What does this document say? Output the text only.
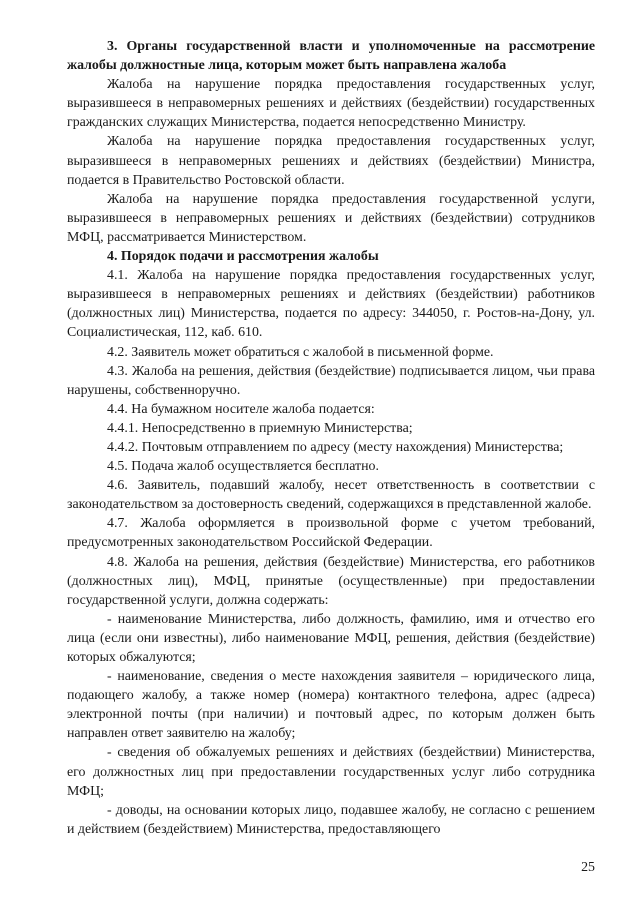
3. Органы государственной власти и уполномоченные на рассмотрение жалобы должностные лица, которым может быть направлена жалоба

Жалоба на нарушение порядка предоставления государственных услуг, выразившееся в неправомерных решениях и действиях (бездействии) государственных гражданских служащих Министерства, подается непосредственно Министру.

Жалоба на нарушение порядка предоставления государственных услуг, выразившееся в неправомерных решениях и действиях (бездействии) Министра, подается в Правительство Ростовской области.

Жалоба на нарушение порядка предоставления государственной услуги, выразившееся в неправомерных решениях и действиях (бездействии) сотрудников МФЦ, рассматривается Министерством.

4. Порядок подачи и рассмотрения жалобы

4.1. Жалоба на нарушение порядка предоставления государственных услуг, выразившееся в неправомерных решениях и действиях (бездействии) работников (должностных лиц) Министерства, подается по адресу: 344050, г. Ростов-на-Дону, ул. Социалистическая, 112, каб. 610.

4.2. Заявитель может обратиться с жалобой в письменной форме.

4.3. Жалоба на решения, действия (бездействие) подписывается лицом, чьи права нарушены, собственноручно.

4.4. На бумажном носителе жалоба подается:

4.4.1. Непосредственно в приемную Министерства;

4.4.2. Почтовым отправлением по адресу (месту нахождения) Министерства;

4.5. Подача жалоб осуществляется бесплатно.

4.6. Заявитель, подавший жалобу, несет ответственность в соответствии с законодательством за достоверность сведений, содержащихся в представленной жалобе.

4.7. Жалоба оформляется в произвольной форме с учетом требований, предусмотренных законодательством Российской Федерации.

4.8. Жалоба на решения, действия (бездействие) Министерства, его работников (должностных лиц), МФЦ, принятые (осуществленные) при предоставлении государственной услуги, должна содержать:

- наименование Министерства, либо должность, фамилию, имя и отчество его лица (если они известны), либо наименование МФЦ, решения, действия (бездействие) которых обжалуются;

- наименование, сведения о месте нахождения заявителя – юридического лица, подающего жалобу, а также номер (номера) контактного телефона, адрес (адреса) электронной почты (при наличии) и почтовый адрес, по которым должен быть направлен ответ заявителю на жалобу;

- сведения об обжалуемых решениях и действиях (бездействии) Министерства, его должностных лиц при предоставлении государственных услуг либо сотрудника МФЦ;

- доводы, на основании которых лицо, подавшее жалобу, не согласно с решением и действием (бездействием) Министерства, предоставляющего

25
